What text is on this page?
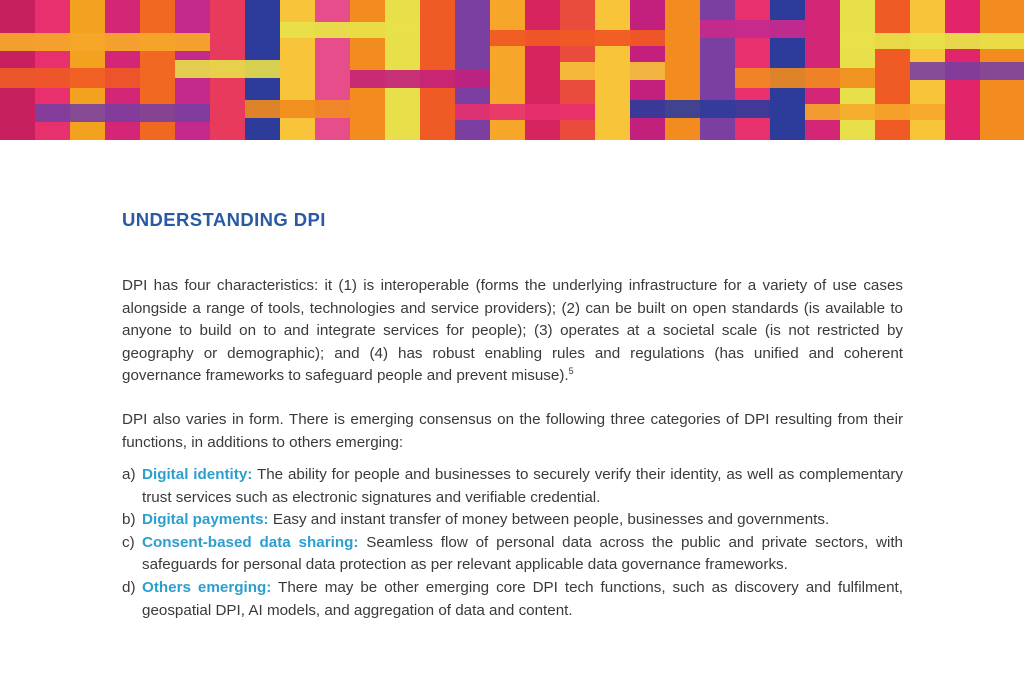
UNDERSTANDING DPI

DPI has four characteristics: it (1) is interoperable (forms the underlying infrastructure for a variety of use cases alongside a range of tools, technologies and service providers); (2) can be built on open standards (is available to anyone to build on to and integrate services for people); (3) operates at a societal scale (is not restricted by geography or demographic); and (4) has robust enabling rules and regulations (has unified and coherent governance frameworks to safeguard people and prevent misuse).$^5$

DPI also varies in form. There is emerging consensus on the following three categories of DPI resulting from their functions, in additions to others emerging:

a) Digital identity: The ability for people and businesses to securely verify their identity, as well as complementary trust services such as electronic signatures and verifiable credential.
b) Digital payments: Easy and instant transfer of money between people, businesses and governments.
c) Consent-based data sharing: Seamless flow of personal data across the public and private sectors, with safeguards for personal data protection as per relevant applicable data governance frameworks.
d) Others emerging: There may be other emerging core DPI tech functions, such as discovery and fulfilment, geospatial DPI, AI models, and aggregation of data and content.
